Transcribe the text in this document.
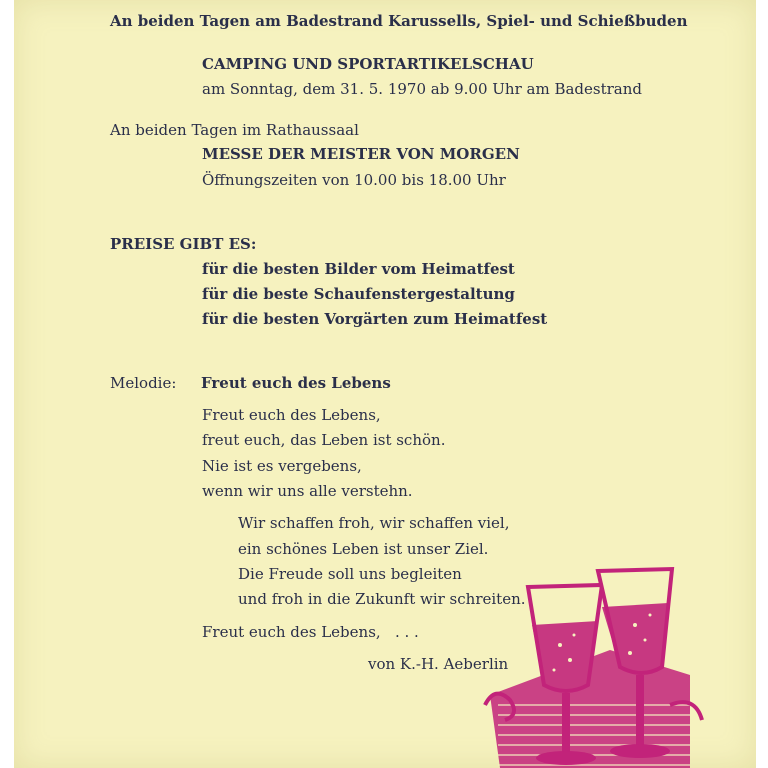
An beiden Tagen am Badestrand Karussells, Spiel- und Schießbuden
CAMPING UND SPORTARTIKELSCHAU
am Sonntag, dem 31. 5. 1970 ab 9.00 Uhr am Badestrand
An beiden Tagen im Rathaussaal
MESSE DER MEISTER VON MORGEN
Öffnungszeiten von 10.00 bis 18.00 Uhr
PREISE GIBT ES:
für die besten Bilder vom Heimatfest
für die beste Schaufenstergestaltung
für die besten Vorgärten zum Heimatfest
Melodie: Freut euch des Lebens
Freut euch des Lebens,
freut euch, das Leben ist schön.
Nie ist es vergebens,
wenn wir uns alle verstehn.
Wir schaffen froh, wir schaffen viel,
ein schönes Leben ist unser Ziel.
Die Freude soll uns begleiten
und froh in die Zukunft wir schreiten.
Freut euch des Lebens,   . . .
von K.-H. Aeberlin
